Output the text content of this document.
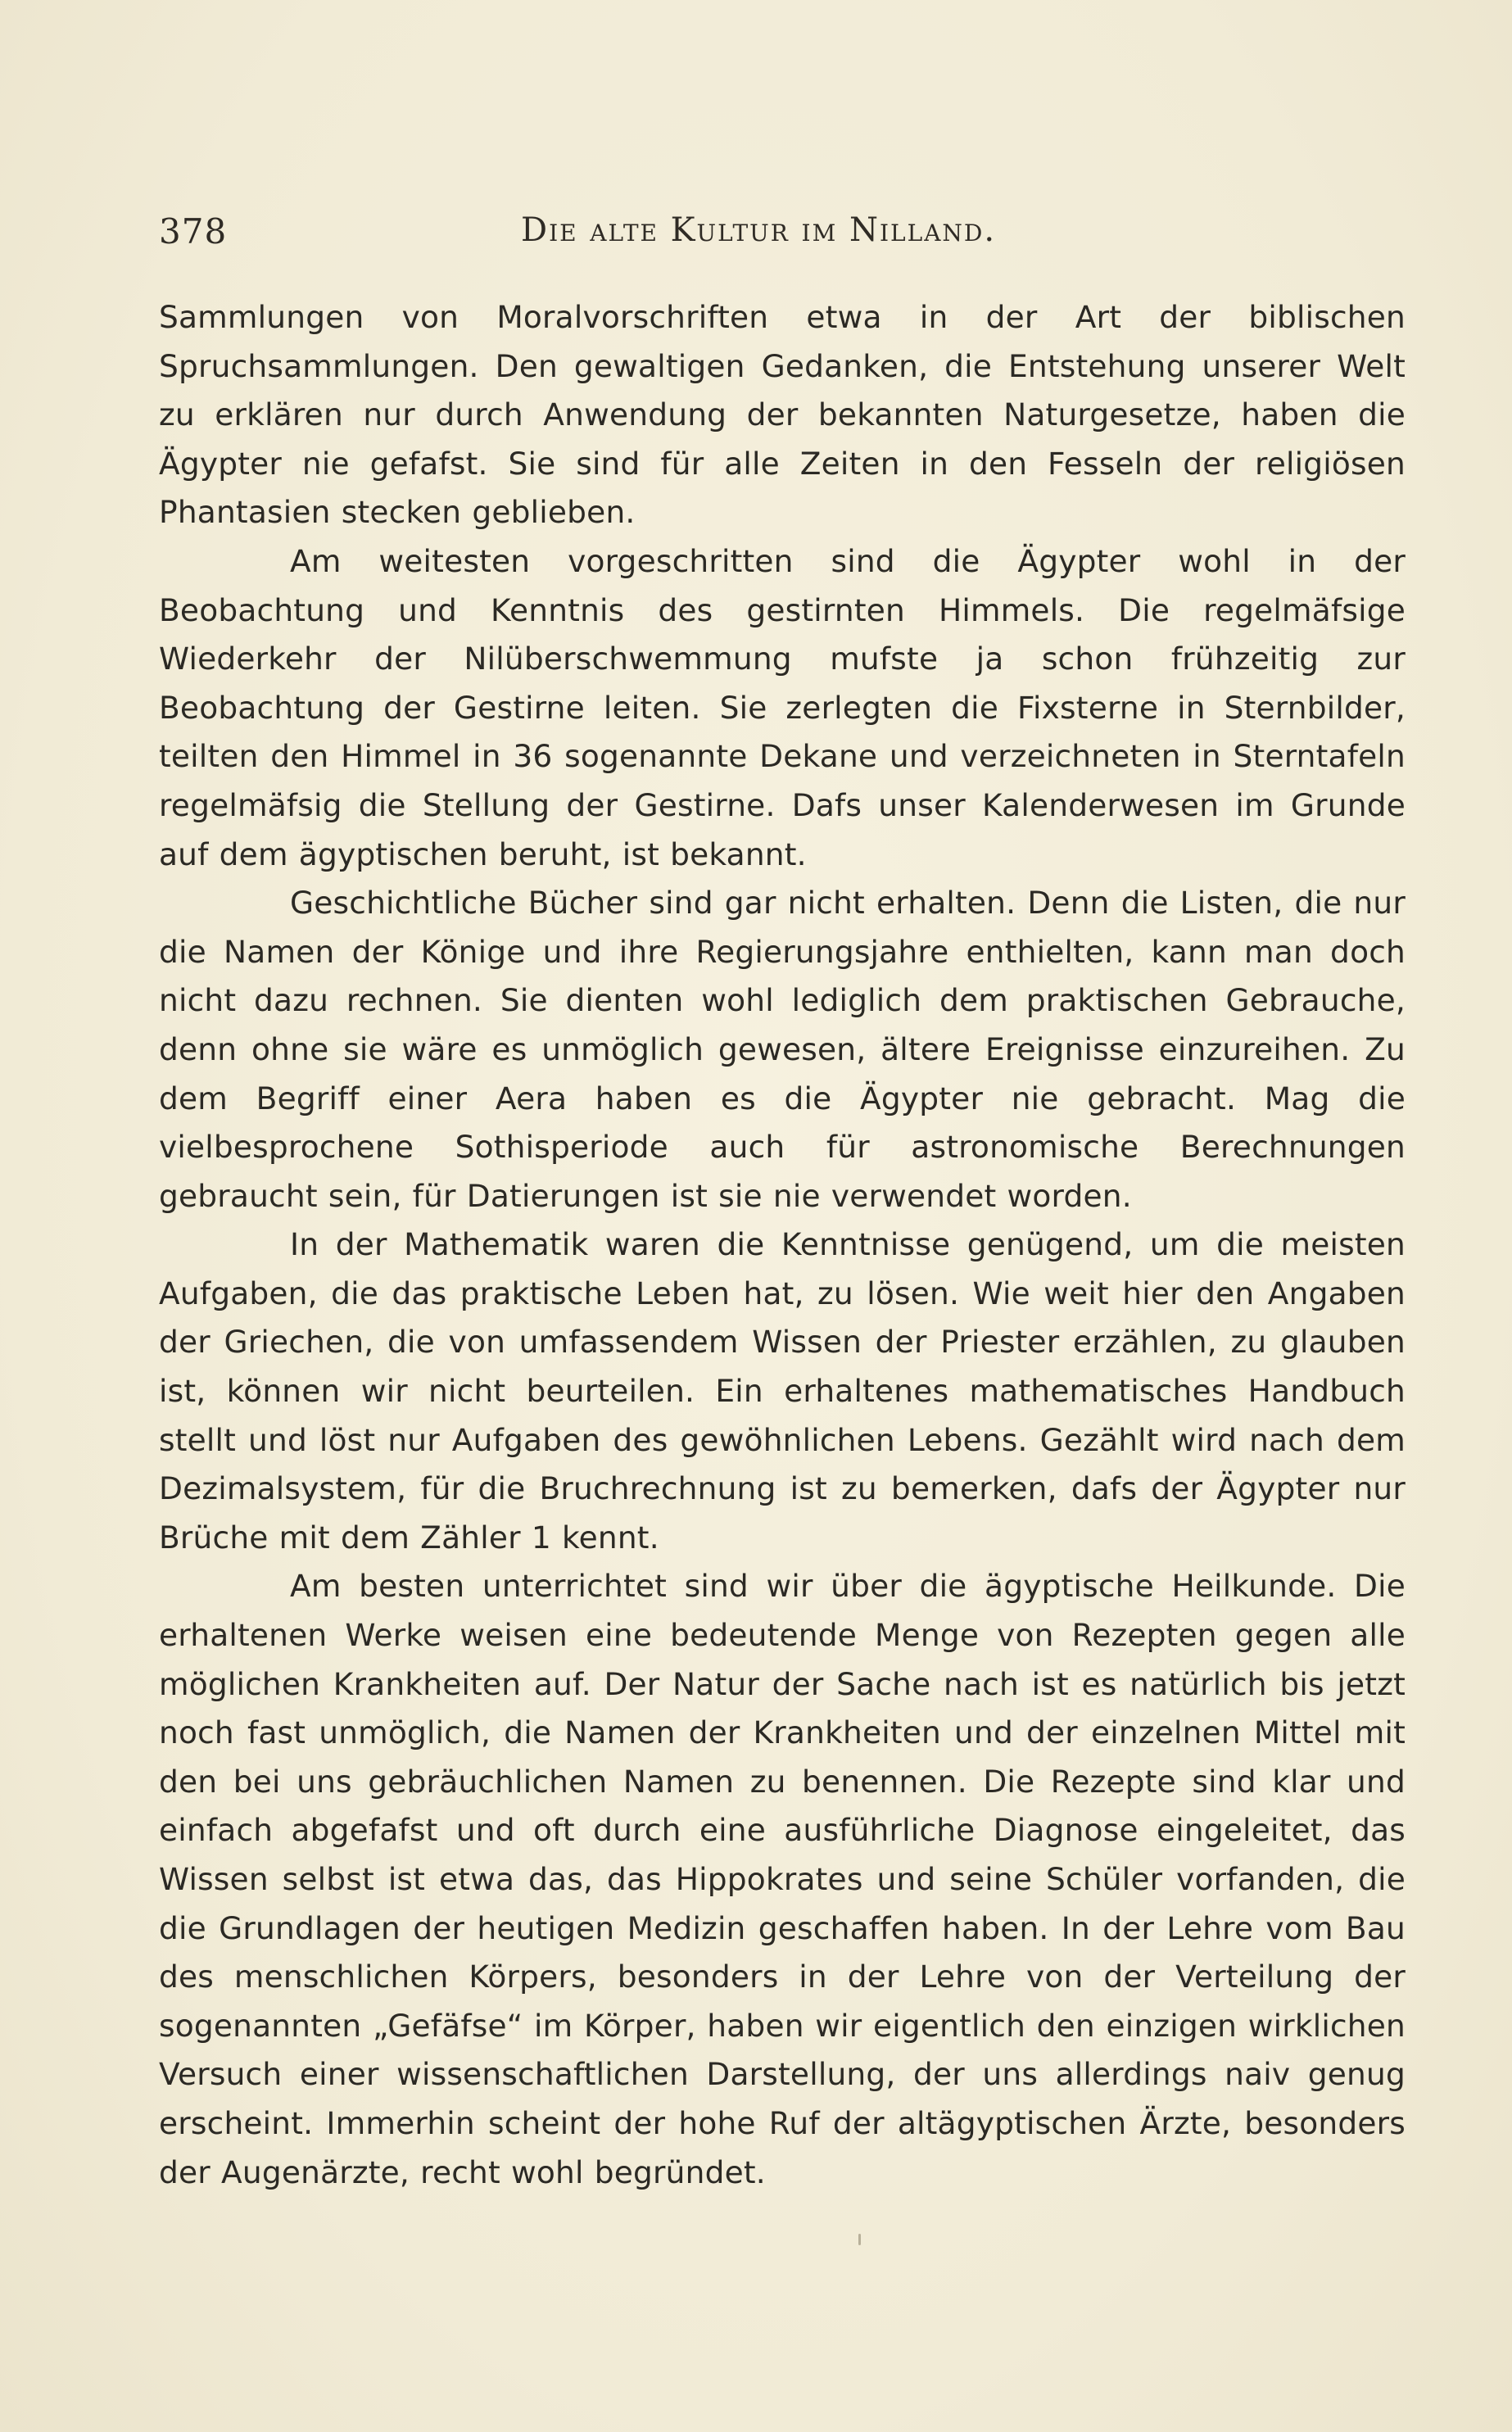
378	Die alte Kultur im Nilland.

Sammlungen von Moralvorschriften etwa in der Art der biblischen Spruchsammlungen. Den gewaltigen Gedanken, die Entstehung unserer Welt zu erklären nur durch Anwendung der bekannten Naturgesetze, haben die Ägypter nie gefafst. Sie sind für alle Zeiten in den Fesseln der religiösen Phantasien stecken geblieben.

Am weitesten vorgeschritten sind die Ägypter wohl in der Beobachtung und Kenntnis des gestirnten Himmels. Die regelmäfsige Wiederkehr der Nilüberschwemmung mufste ja schon frühzeitig zur Beobachtung der Gestirne leiten. Sie zerlegten die Fixsterne in Sternbilder, teilten den Himmel in 36 sogenannte Dekane und verzeichneten in Sterntafeln regelmäfsig die Stellung der Gestirne. Dafs unser Kalenderwesen im Grunde auf dem ägyptischen beruht, ist bekannt.

Geschichtliche Bücher sind gar nicht erhalten. Denn die Listen, die nur die Namen der Könige und ihre Regierungsjahre enthielten, kann man doch nicht dazu rechnen. Sie dienten wohl lediglich dem praktischen Gebrauche, denn ohne sie wäre es unmöglich gewesen, ältere Ereignisse einzureihen. Zu dem Begriff einer Aera haben es die Ägypter nie gebracht. Mag die vielbesprochene Sothisperiode auch für astronomische Berechnungen gebraucht sein, für Datierungen ist sie nie verwendet worden.

In der Mathematik waren die Kenntnisse genügend, um die meisten Aufgaben, die das praktische Leben hat, zu lösen. Wie weit hier den Angaben der Griechen, die von umfassendem Wissen der Priester erzählen, zu glauben ist, können wir nicht beurteilen. Ein erhaltenes mathematisches Handbuch stellt und löst nur Aufgaben des gewöhnlichen Lebens. Gezählt wird nach dem Dezimalsystem, für die Bruchrechnung ist zu bemerken, dafs der Ägypter nur Brüche mit dem Zähler 1 kennt.

Am besten unterrichtet sind wir über die ägyptische Heilkunde. Die erhaltenen Werke weisen eine bedeutende Menge von Rezepten gegen alle möglichen Krankheiten auf. Der Natur der Sache nach ist es natürlich bis jetzt noch fast unmöglich, die Namen der Krankheiten und der einzelnen Mittel mit den bei uns gebräuchlichen Namen zu benennen. Die Rezepte sind klar und einfach abgefafst und oft durch eine ausführliche Diagnose eingeleitet, das Wissen selbst ist etwa das, das Hippokrates und seine Schüler vorfanden, die die Grundlagen der heutigen Medizin geschaffen haben. In der Lehre vom Bau des menschlichen Körpers, besonders in der Lehre von der Verteilung der sogenannten „Gefäfse“ im Körper, haben wir eigentlich den einzigen wirklichen Versuch einer wissenschaftlichen Darstellung, der uns allerdings naiv genug erscheint. Immerhin scheint der hohe Ruf der altägyptischen Ärzte, besonders der Augenärzte, recht wohl begründet.
